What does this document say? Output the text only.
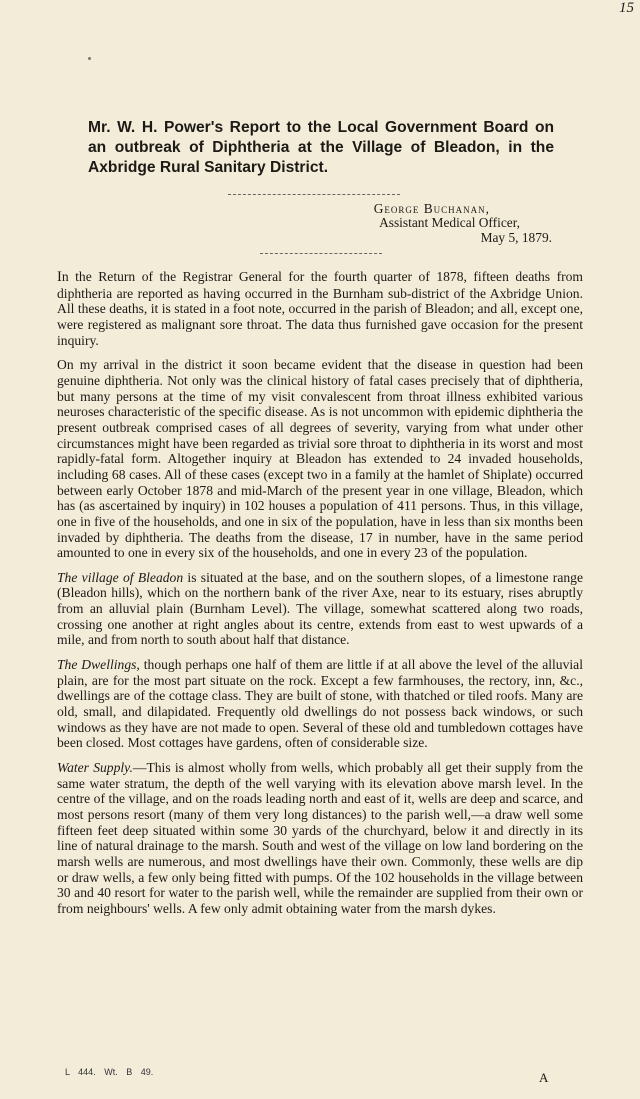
15
Mr. W. H. Power's Report to the Local Government Board on an outbreak of Diphtheria at the Village of Bleadon, in the Axbridge Rural Sanitary District.
George Buchanan,
Assistant Medical Officer,
May 5, 1879.

In the Return of the Registrar General for the fourth quarter of 1878, fifteen deaths from diphtheria are reported as having occurred in the Burnham sub-district of the Axbridge Union. All these deaths, it is stated in a foot note, occurred in the parish of Bleadon; and all, except one, were registered as malignant sore throat. The data thus furnished gave occasion for the present inquiry.

On my arrival in the district it soon became evident that the disease in question had been genuine diphtheria. Not only was the clinical history of fatal cases precisely that of diphtheria, but many persons at the time of my visit convalescent from throat illness exhibited various neuroses characteristic of the specific disease. As is not uncommon with epidemic diphtheria the present outbreak comprised cases of all degrees of severity, varying from what under other circumstances might have been regarded as trivial sore throat to diphtheria in its worst and most rapidly-fatal form. Altogether inquiry at Bleadon has extended to 24 invaded households, including 68 cases. All of these cases (except two in a family at the hamlet of Shiplate) occurred between early October 1878 and mid-March of the present year in one village, Bleadon, which has (as ascertained by inquiry) in 102 houses a population of 411 persons. Thus, in this village, one in five of the households, and one in six of the population, have in less than six months been invaded by diphtheria. The deaths from the disease, 17 in number, have in the same period amounted to one in every six of the households, and one in every 23 of the population.

The village of Bleadon is situated at the base, and on the southern slopes, of a limestone range (Bleadon hills), which on the northern bank of the river Axe, near to its estuary, rises abruptly from an alluvial plain (Burnham Level). The village, somewhat scattered along two roads, crossing one another at right angles about its centre, extends from east to west upwards of a mile, and from north to south about half that distance.

The Dwellings, though perhaps one half of them are little if at all above the level of the alluvial plain, are for the most part situate on the rock. Except a few farmhouses, the rectory, inn, &c., dwellings are of the cottage class. They are built of stone, with thatched or tiled roofs. Many are old, small, and dilapidated. Frequently old dwellings do not possess back windows, or such windows as they have are not made to open. Several of these old and tumbledown cottages have been closed. Most cottages have gardens, often of considerable size.

Water Supply.—This is almost wholly from wells, which probably all get their supply from the same water stratum, the depth of the well varying with its elevation above marsh level. In the centre of the village, and on the roads leading north and east of it, wells are deep and scarce, and most persons resort (many of them very long distances) to the parish well,—a draw well some fifteen feet deep situated within some 30 yards of the churchyard, below it and directly in its line of natural drainage to the marsh. South and west of the village on low land bordering on the marsh wells are numerous, and most dwellings have their own. Commonly, these wells are dip or draw wells, a few only being fitted with pumps. Of the 102 households in the village between 30 and 40 resort for water to the parish well, while the remainder are supplied from their own or from neighbours' wells. A few only admit obtaining water from the marsh dykes.

L 444. Wt. B 49.	A
